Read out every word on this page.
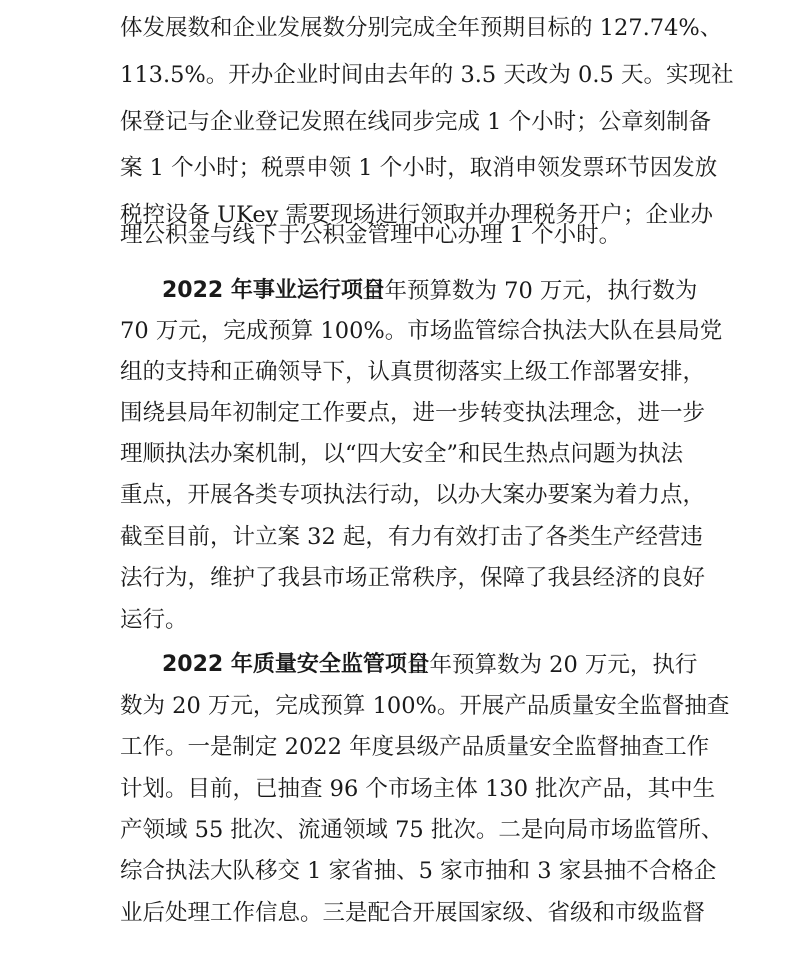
体发展数和企业发展数分别完成全年预期目标的 127.74%、
113.5%。开办企业时间由去年的 3.5 天改为 0.5 天。实现社
保登记与企业登记发照在线同步完成 1 个小时；公章刻制备
案 1 个小时；税票申领 1 个小时，取消申领发票环节因发放
税控设备 UKey 需要现场进行领取并办理税务开户；企业办
理公积金与线下于公积金管理中心办理 1 个小时。
2022 年事业运行项目
全年预算数为 70 万元，执行数为
70 万元，完成预算 100%。市场监管综合执法大队在县局党
组的支持和正确领导下，认真贯彻落实上级工作部署安排，
围绕县局年初制定工作要点，进一步转变执法理念，进一步
理顺执法办案机制，以“四大安全”和民生热点问题为执法
重点，开展各类专项执法行动，以办大案办要案为着力点，
截至目前，计立案 32 起，有力有效打击了各类生产经营违
法行为，维护了我县市场正常秩序，保障了我县经济的良好
运行。
2022 年质量安全监管项目
全年预算数为 20 万元，执行
数为 20 万元，完成预算 100%。开展产品质量安全监督抽查
工作。一是制定 2022 年度县级产品质量安全监督抽查工作
计划。目前，已抽查 96 个市场主体 130 批次产品，其中生
产领域 55 批次、流通领域 75 批次。二是向局市场监管所、
综合执法大队移交 1 家省抽、5 家市抽和 3 家县抽不合格企
业后处理工作信息。三是配合开展国家级、省级和市级监督
